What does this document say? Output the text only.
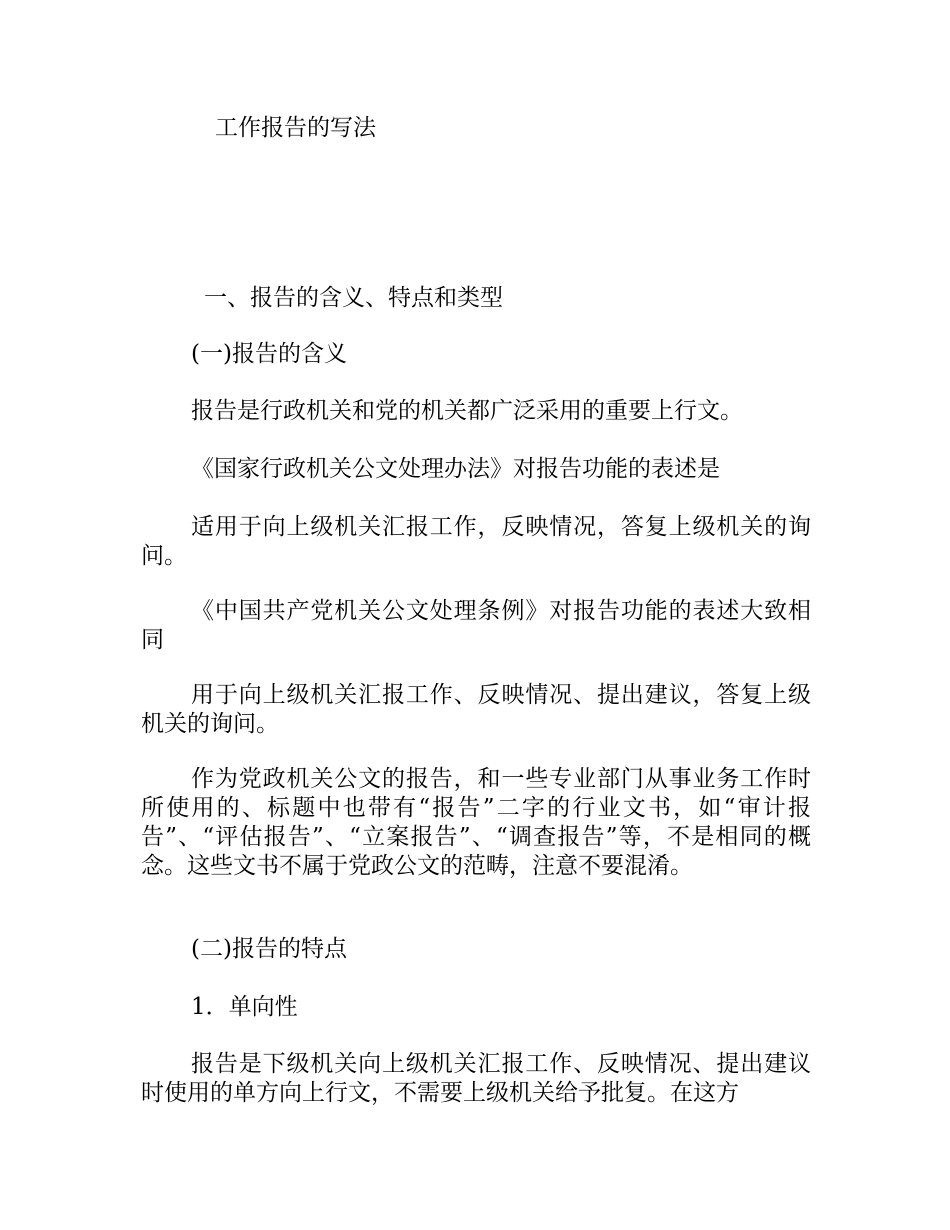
工作报告的写法
一、报告的含义、特点和类型

(一)报告的含义

报告是行政机关和党的机关都广泛采用的重要上行文。

《国家行政机关公文处理办法》对报告功能的表述是

适用于向上级机关汇报工作，反映情况，答复上级机关的询问。

《中国共产党机关公文处理条例》对报告功能的表述大致相同

用于向上级机关汇报工作、反映情况、提出建议，答复上级机关的询问。

作为党政机关公文的报告，和一些专业部门从事业务工作时所使用的、标题中也带有“报告”二字的行业文书，如“审计报告”、“评估报告”、“立案报告”、“调查报告”等，不是相同的概念。这些文书不属于党政公文的范畴，注意不要混淆。

(二)报告的特点

1．单向性

报告是下级机关向上级机关汇报工作、反映情况、提出建议时使用的单方向上行文，不需要上级机关给予批复。在这方
